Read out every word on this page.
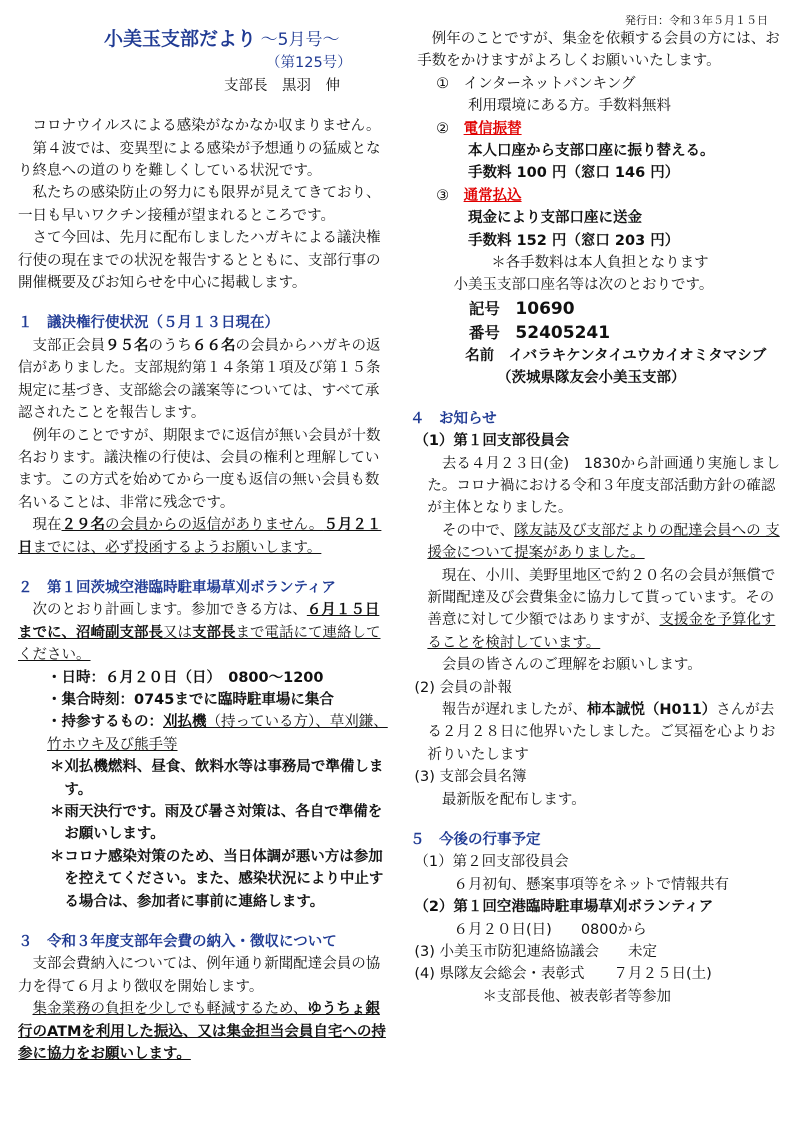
発行日：令和３年５月１５日
小美玉支部だより ～5月号～
（第125号）
支部長　黒羽　伸

コロナウイルスによる感染がなかなか収まりません。

第４波では、変異型による感染が予想通りの猛威となり終息への道のりを難しくしている状況です。

私たちの感染防止の努力にも限界が見えてきており、一日も早いワクチン接種が望まれるところです。

さて今回は、先月に配布しましたハガキによる議決権行使の現在までの状況を報告するとともに、支部行事の開催概要及びお知らせを中心に掲載します。

１　議決権行使状況（５月１３日現在）

支部正会員９５名のうち６６名の会員からハガキの返信がありました。支部規約第１４条第１項及び第１５条規定に基づき、支部総会の議案等については、すべて承認されたことを報告します。

例年のことですが、期限までに返信が無い会員が十数名おります。議決権の行使は、会員の権利と理解しています。この方式を始めてから一度も返信の無い会員も数名いることは、非常に残念です。

現在２９名の会員からの返信がありません。５月２１日までには、必ず投函するようお願いします。

２　第１回茨城空港臨時駐車場草刈ボランティア

次のとおり計画します。参加できる方は、６月１５日までに、沼崎副支部長又は支部長まで電話にて連絡してください。

・日時：６月２０日（日）　0800～1200

・集合時刻：0745までに臨時駐車場に集合

・持参するもの：刈払機（持っている方）、草刈鎌、竹ホウキ及び熊手等

＊刈払機燃料、昼食、飲料水等は事務局で準備します。

＊雨天決行です。雨及び暑さ対策は、各自で準備をお願いします。

＊コロナ感染対策のため、当日体調が悪い方は参加を控えてください。また、感染状況により中止する場合は、参加者に事前に連絡します。

３　令和３年度支部年会費の納入・徴収について

支部会費納入については、例年通り新聞配達会員の協力を得て６月より徴収を開始します。

集金業務の負担を少しでも軽減するため、ゆうちょ銀行のATMを利用した振込、又は集金担当会員自宅への持参に協力をお願いします。

例年のことですが、集金を依頼する会員の方には、お手数をかけますがよろしくお願いいたします。

①　インターネットバンキング

利用環境にある方。手数料無料

②　電信振替

本人口座から支部口座に振り替える。

手数料 100 円（窓口 146 円）

③　通常払込

現金により支部口座に送金

手数料 152 円（窓口 203 円）

＊各手数料は本人負担となります

小美玉支部口座名等は次のとおりです。

記号　 10690

番号　 52405241

名前　 イバラキケンタイユウカイオミタマシブ

（茨城県隊友会小美玉支部）

４　お知らせ

（1）第１回支部役員会

去る４月２３日(金)　1830から計画通り実施しました。コロナ禍における令和３年度支部活動方針の確認が主体となりました。

その中で、隊友誌及び支部だよりの配達会員への 支援金について提案がありました。

現在、小川、美野里地区で約２０名の会員が無償で新聞配達及び会費集金に協力して貰っています。その善意に対して少額ではありますが、支援金を予算化することを検討しています。

会員の皆さんのご理解をお願いします。

(2) 会員の訃報

報告が遅れましたが、柿本誠悦（H011）さんが去る２月２８日に他界いたしました。ご冥福を心よりお祈りいたします

(3) 支部会員名簿

最新版を配布します。

５　今後の行事予定

（1）第２回支部役員会

６月初旬、懸案事項等をネットで情報共有

（2）第１回空港臨時駐車場草刈ボランティア

６月２０日(日)　　0800から

(3) 小美玉市防犯連絡協議会　　未定

(4) 県隊友会総会・表彰式　　７月２５日(土)

＊支部長他、被表彰者等参加
